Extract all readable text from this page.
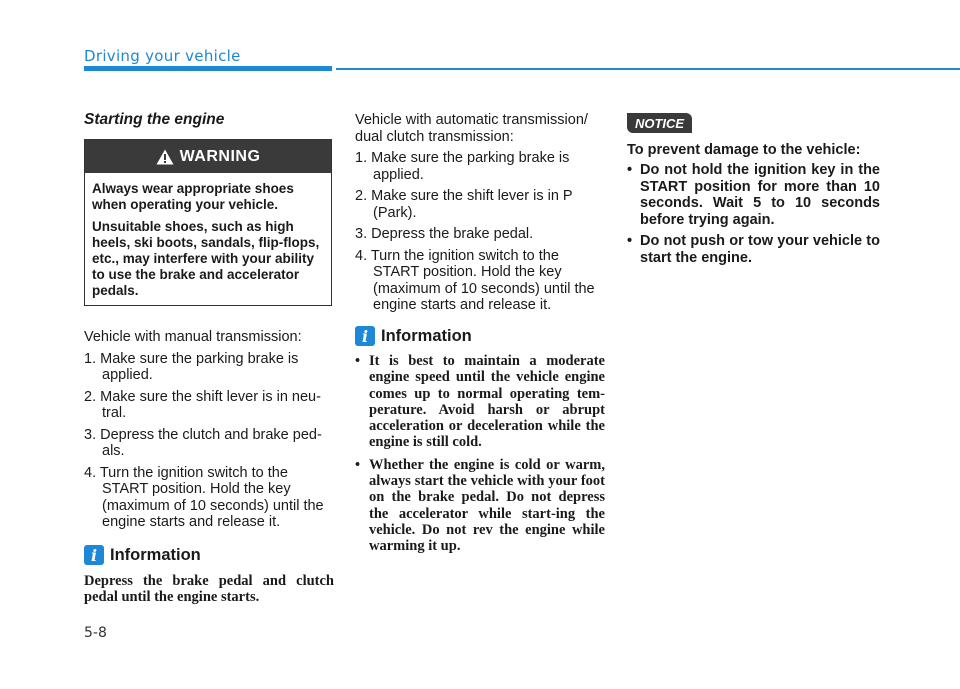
Driving your vehicle
Starting the engine
WARNING

Always wear appropriate shoes when operating your vehicle.

Unsuitable shoes, such as high heels, ski boots, sandals, flip-flops, etc., may interfere with your ability to use the brake and accelerator pedals.

Vehicle with manual transmission:

1. Make sure the parking brake is applied.
2. Make sure the shift lever is in neu-tral.
3. Depress the clutch and brake ped-als.
4. Turn the ignition switch to the START position. Hold the key (maximum of 10 seconds) until the engine starts and release it.
i Information

Depress the brake pedal and clutch pedal until the engine starts.

Vehicle with automatic transmission/ dual clutch transmission:

1. Make sure the parking brake is applied.
2. Make sure the shift lever is in P (Park).
3. Depress the brake pedal.
4. Turn the ignition switch to the START position. Hold the key (maximum of 10 seconds) until the engine starts and release it.
i Information
• It is best to maintain a moderate engine speed until the vehicle engine comes up to normal operating tem-perature. Avoid harsh or abrupt acceleration or deceleration while the engine is still cold.
• Whether the engine is cold or warm, always start the vehicle with your foot on the brake pedal. Do not depress the accelerator while start-ing the vehicle. Do not rev the engine while warming it up.
NOTICE
To prevent damage to the vehicle:
• Do not hold the ignition key in the START position for more than 10 seconds. Wait 5 to 10 seconds before trying again.
• Do not push or tow your vehicle to start the engine.
5-8
